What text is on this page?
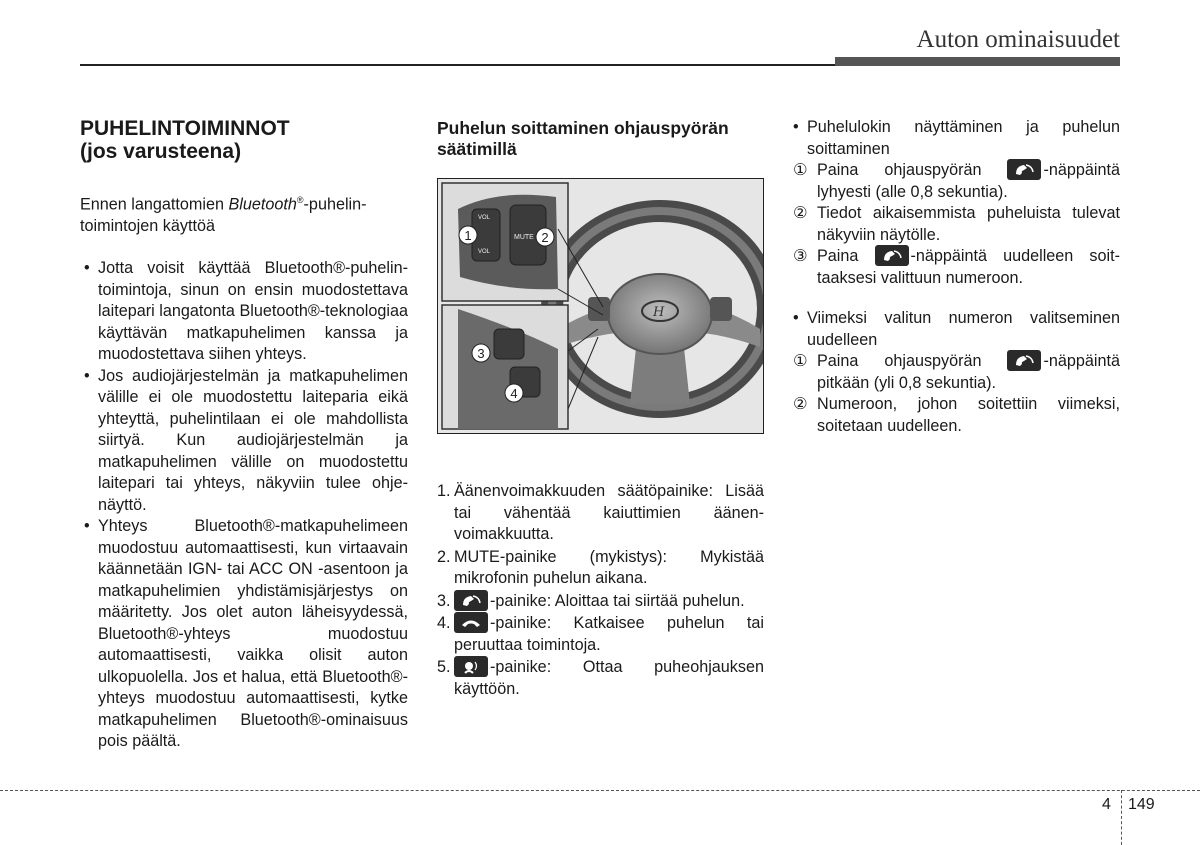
Auton ominaisuudet
PUHELINTOIMINNOT
(jos varusteena)
Ennen langattomien Bluetooth®-puhelintoimintojen käyttöä
• Jotta voisit käyttää Bluetooth®-puhelintoimintoja, sinun on ensin muodostettava laitepari langatonta Bluetooth®-teknologiaa käyttävän matkapuhelimen kanssa ja muodostettava siihen yhteys.
• Jos audiojärjestelmän ja matkapuhelimen välille ei ole muodostettu laiteparia eikä yhteyttä, puhelintilaan ei ole mahdollista siirtyä. Kun audiojärjestelmän ja matkapuhelimen välille on muodostettu laitepari tai yhteys, näkyviin tulee ohjenäyttö.
• Yhteys Bluetooth®-matkapuhelimeen muodostuu automaattisesti, kun virtaavain käännetään IGN- tai ACC ON -asentoon ja matkapuhelimien yhdistämisjärjestys on määritetty. Jos olet auton läheisyydessä, Bluetooth®-yhteys muodostuu automaattisesti, vaikka olisit auton ulkopuolella. Jos et halua, että Bluetooth®-yhteys muodostuu automaattisesti, kytke matkapuhelimen Bluetooth®-ominaisuus pois päältä.
Puhelun soittaminen ohjauspyörän säätimillä
H
VOL
VOL
MUTE
1	2
3
4
1. Äänenvoimakkuuden säätöpainike: Lisää tai vähentää kaiuttimien äänenvoimakkuutta.
2. MUTE-painike (mykistys): Mykistää mikrofonin puhelun aikana.
3. -painike: Aloittaa tai siirtää puhelun.
4. -painike: Katkaisee puhelun tai peruuttaa toimintoja.
5. -painike: Ottaa puheohjauksen käyttöön.
• Puhelulokin näyttäminen ja puhelun soittaminen
① Paina ohjauspyörän
-näppäintä lyhyesti (alle 0,8 sekuntia).
② Tiedot aikaisemmista puheluista tulevat näkyviin näytölle.
③ Paina
-näppäintä uudelleen soittaaksesi valittuun numeroon.
• Viimeksi valitun numeron valitseminen uudelleen
① Paina ohjauspyörän
-näppäintä pitkään (yli 0,8 sekuntia).
② Numeroon, johon soitettiin viimeksi, soitetaan uudelleen.
4 149
